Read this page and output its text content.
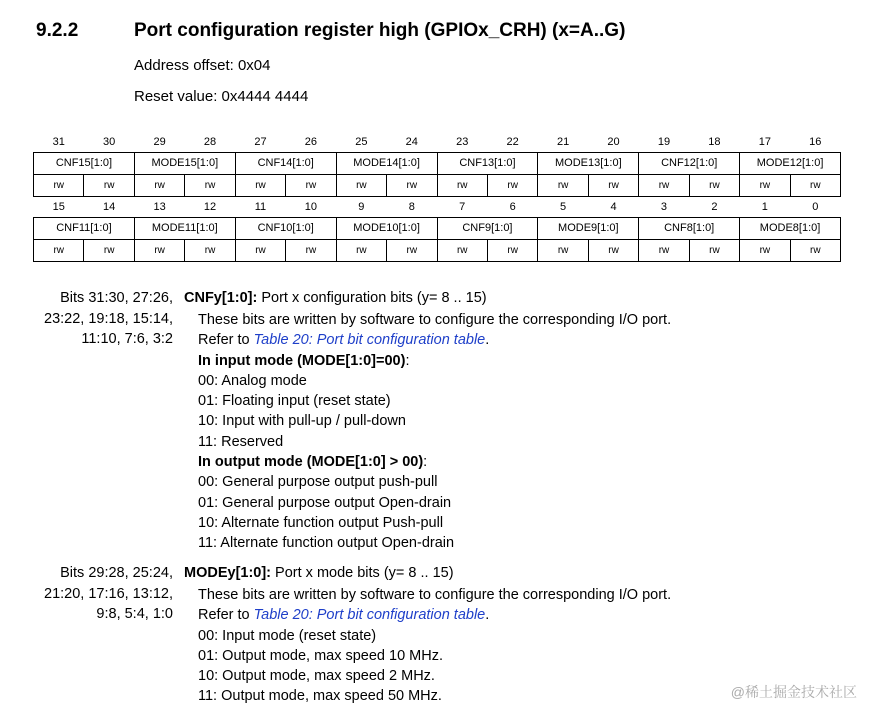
9.2.2	Port configuration register high (GPIOx_CRH) (x=A..G)
Address offset: 0x04
Reset value: 0x4444 4444
31	30	29	28	27	26	25	24	23	22	21	20	19	18	17	16
CNF15[1:0]		MODE15[1:0]		CNF14[1:0]		MODE14[1:0]		CNF13[1:0]		MODE13[1:0]		CNF12[1:0]		MODE12[1:0]	
rw	rw	rw	rw	rw	rw	rw	rw	rw	rw	rw	rw	rw	rw	rw	rw
15	14	13	12	11	10	9	8	7	6	5	4	3	2	1	0
CNF11[1:0]		MODE11[1:0]		CNF10[1:0]		MODE10[1:0]		CNF9[1:0]		MODE9[1:0]		CNF8[1:0]		MODE8[1:0]	
rw	rw	rw	rw	rw	rw	rw	rw	rw	rw	rw	rw	rw	rw	rw	rw
Bits 31:30, 27:26,
23:22, 19:18, 15:14,
11:10, 7:6, 3:2
CNFy[1:0]: Port x configuration bits (y= 8 .. 15)
These bits are written by software to configure the corresponding I/O port.
Refer to Table 20: Port bit configuration table.
In input mode (MODE[1:0]=00):
00: Analog mode
01: Floating input (reset state)
10: Input with pull-up / pull-down
11: Reserved
In output mode (MODE[1:0] > 00):
00: General purpose output push-pull
01: General purpose output Open-drain
10: Alternate function output Push-pull
11: Alternate function output Open-drain
Bits 29:28, 25:24,
21:20, 17:16, 13:12,
9:8, 5:4, 1:0
MODEy[1:0]: Port x mode bits (y= 8 .. 15)
These bits are written by software to configure the corresponding I/O port.
Refer to Table 20: Port bit configuration table.
00: Input mode (reset state)
01: Output mode, max speed 10 MHz.
10: Output mode, max speed 2 MHz.
11: Output mode, max speed 50 MHz.	@稀土掘金技术社区
